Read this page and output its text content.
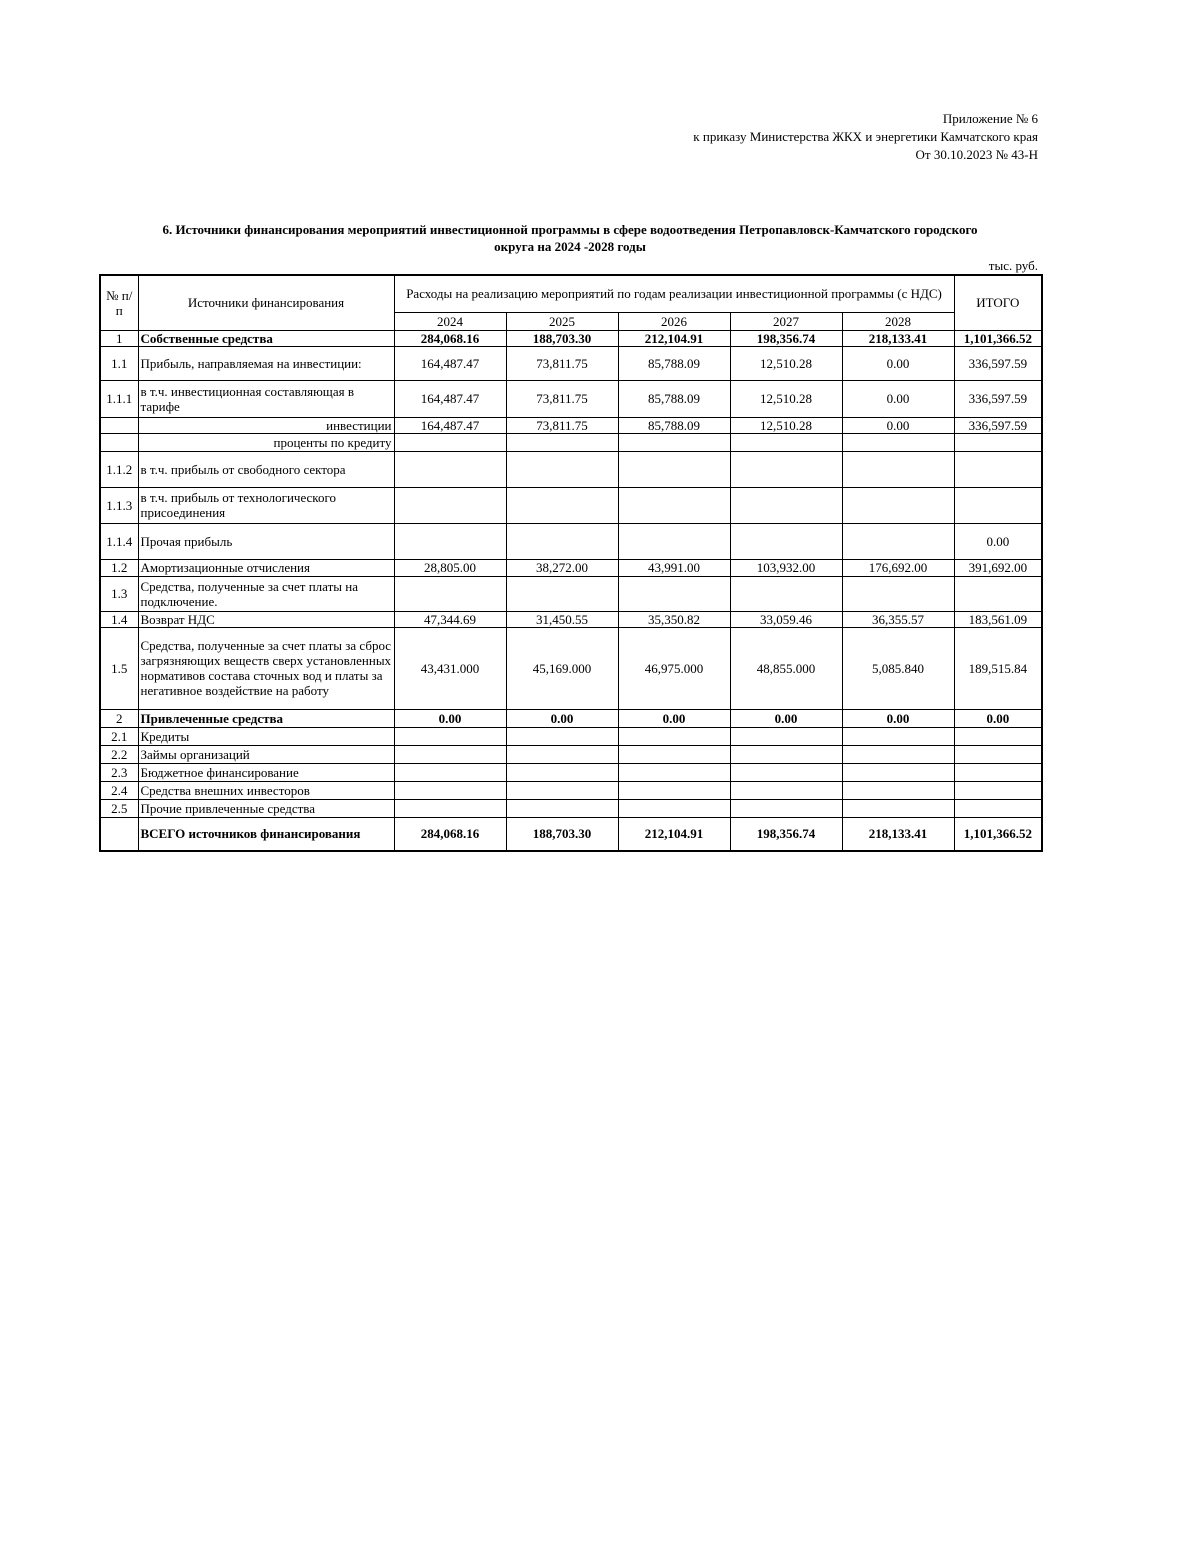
Приложение № 6
к приказу Министерства ЖКХ и энергетики Камчатского края
От 30.10.2023 № 43-Н
6. Источники финансирования мероприятий инвестиционной программы в сфере водоотведения Петропавловск-Камчатского городского
округа на 2024 -2028 годы
тыс. руб.
№ п/п	Источники финансирования	Расходы на реализацию мероприятий по годам реализации инвестиционной программы (с НДС)					ИТОГО
		2024	2025	2026	2027	2028	
1	Собственные средства	284,068.16	188,703.30	212,104.91	198,356.74	218,133.41	1,101,366.52
1.1	Прибыль, направляемая на инвестиции:	164,487.47	73,811.75	85,788.09	12,510.28	0.00	336,597.59
1.1.1	в т.ч. инвестиционная составляющая в тарифе	164,487.47	73,811.75	85,788.09	12,510.28	0.00	336,597.59
	инвестиции	164,487.47	73,811.75	85,788.09	12,510.28	0.00	336,597.59
	проценты по кредиту						
1.1.2	в т.ч. прибыль от свободного сектора						
1.1.3	в т.ч. прибыль от технологического присоединения						
1.1.4	Прочая прибыль						0.00
1.2	Амортизационные отчисления	28,805.00	38,272.00	43,991.00	103,932.00	176,692.00	391,692.00
1.3	Средства, полученные за счет платы на подключение.						
1.4	Возврат НДС	47,344.69	31,450.55	35,350.82	33,059.46	36,355.57	183,561.09
1.5	Средства, полученные за счет платы за сброс загрязняющих веществ сверх установленных нормативов состава сточных вод и платы за негативное воздействие на работу	43,431.000	45,169.000	46,975.000	48,855.000	5,085.840	189,515.84
2	Привлеченные средства	0.00	0.00	0.00	0.00	0.00	0.00
2.1	Кредиты						
2.2	Займы организаций						
2.3	Бюджетное финансирование						
2.4	Средства внешних инвесторов						
2.5	Прочие привлеченные средства						
	ВСЕГО источников финансирования	284,068.16	188,703.30	212,104.91	198,356.74	218,133.41	1,101,366.52
